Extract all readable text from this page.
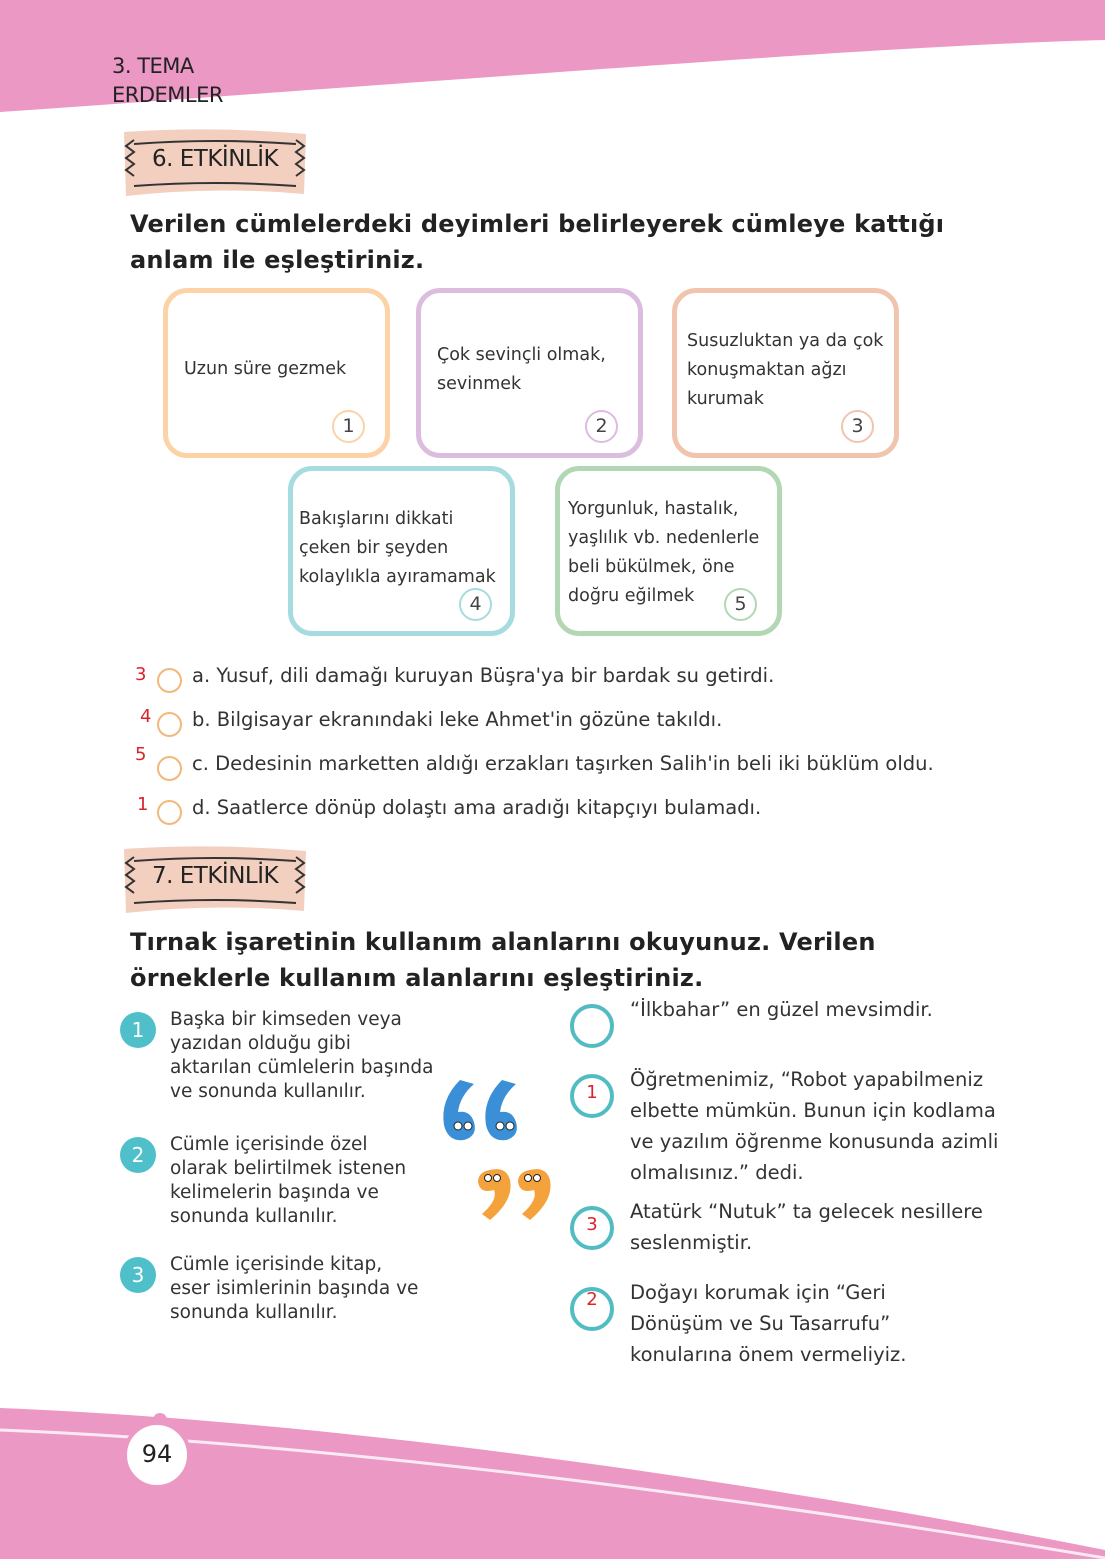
3. TEMA
ERDEMLER
6. ETKİNLİK
Verilen cümlelerdeki deyimleri belirleyerek cümleye kattığı anlam ile eşleştiriniz.
Uzun süre gezmek
1
Çok sevinçli olmak, sevinmek
2
Susuzluktan ya da çok konuşmaktan ağzı kurumak
3
Bakışlarını dikkati çeken bir şeyden kolaylıkla ayıramamak
4
Yorgunluk, hastalık, yaşlılık vb. nedenlerle beli bükülmek, öne doğru eğilmek	5
3 a. Yusuf, dili damağı kuruyan Büşra'ya bir bardak su getirdi.
4 b. Bilgisayar ekranındaki leke Ahmet'in gözüne takıldı.
5 c. Dedesinin marketten aldığı erzakları taşırken Salih'in beli iki büklüm oldu.
1 d. Saatlerce dönüp dolaştı ama aradığı kitapçıyı bulamadı.
7. ETKİNLİK
Tırnak işaretinin kullanım alanlarını okuyunuz. Verilen örneklerle kullanım alanlarını eşleştiriniz.
1	Başka bir kimseden veya yazıdan olduğu gibi aktarılan cümlelerin başında ve sonunda kullanılır.
2	Cümle içerisinde özel olarak belirtilmek istenen kelimelerin başında ve sonunda kullanılır.
3	Cümle içerisinde kitap, eser isimlerinin başında ve sonunda kullanılır.
“İlkbahar” en güzel mevsimdir.
1
Öğretmenimiz, “Robot yapabilmeniz elbette mümkün. Bunun için kodlama ve yazılım öğrenme konusunda azimli olmalısınız.” dedi.
3
Atatürk “Nutuk” ta gelecek nesillere seslenmiştir.
2	Doğayı korumak için “Geri Dönüşüm ve Su Tasarrufu” konularına önem vermeliyiz.
94
